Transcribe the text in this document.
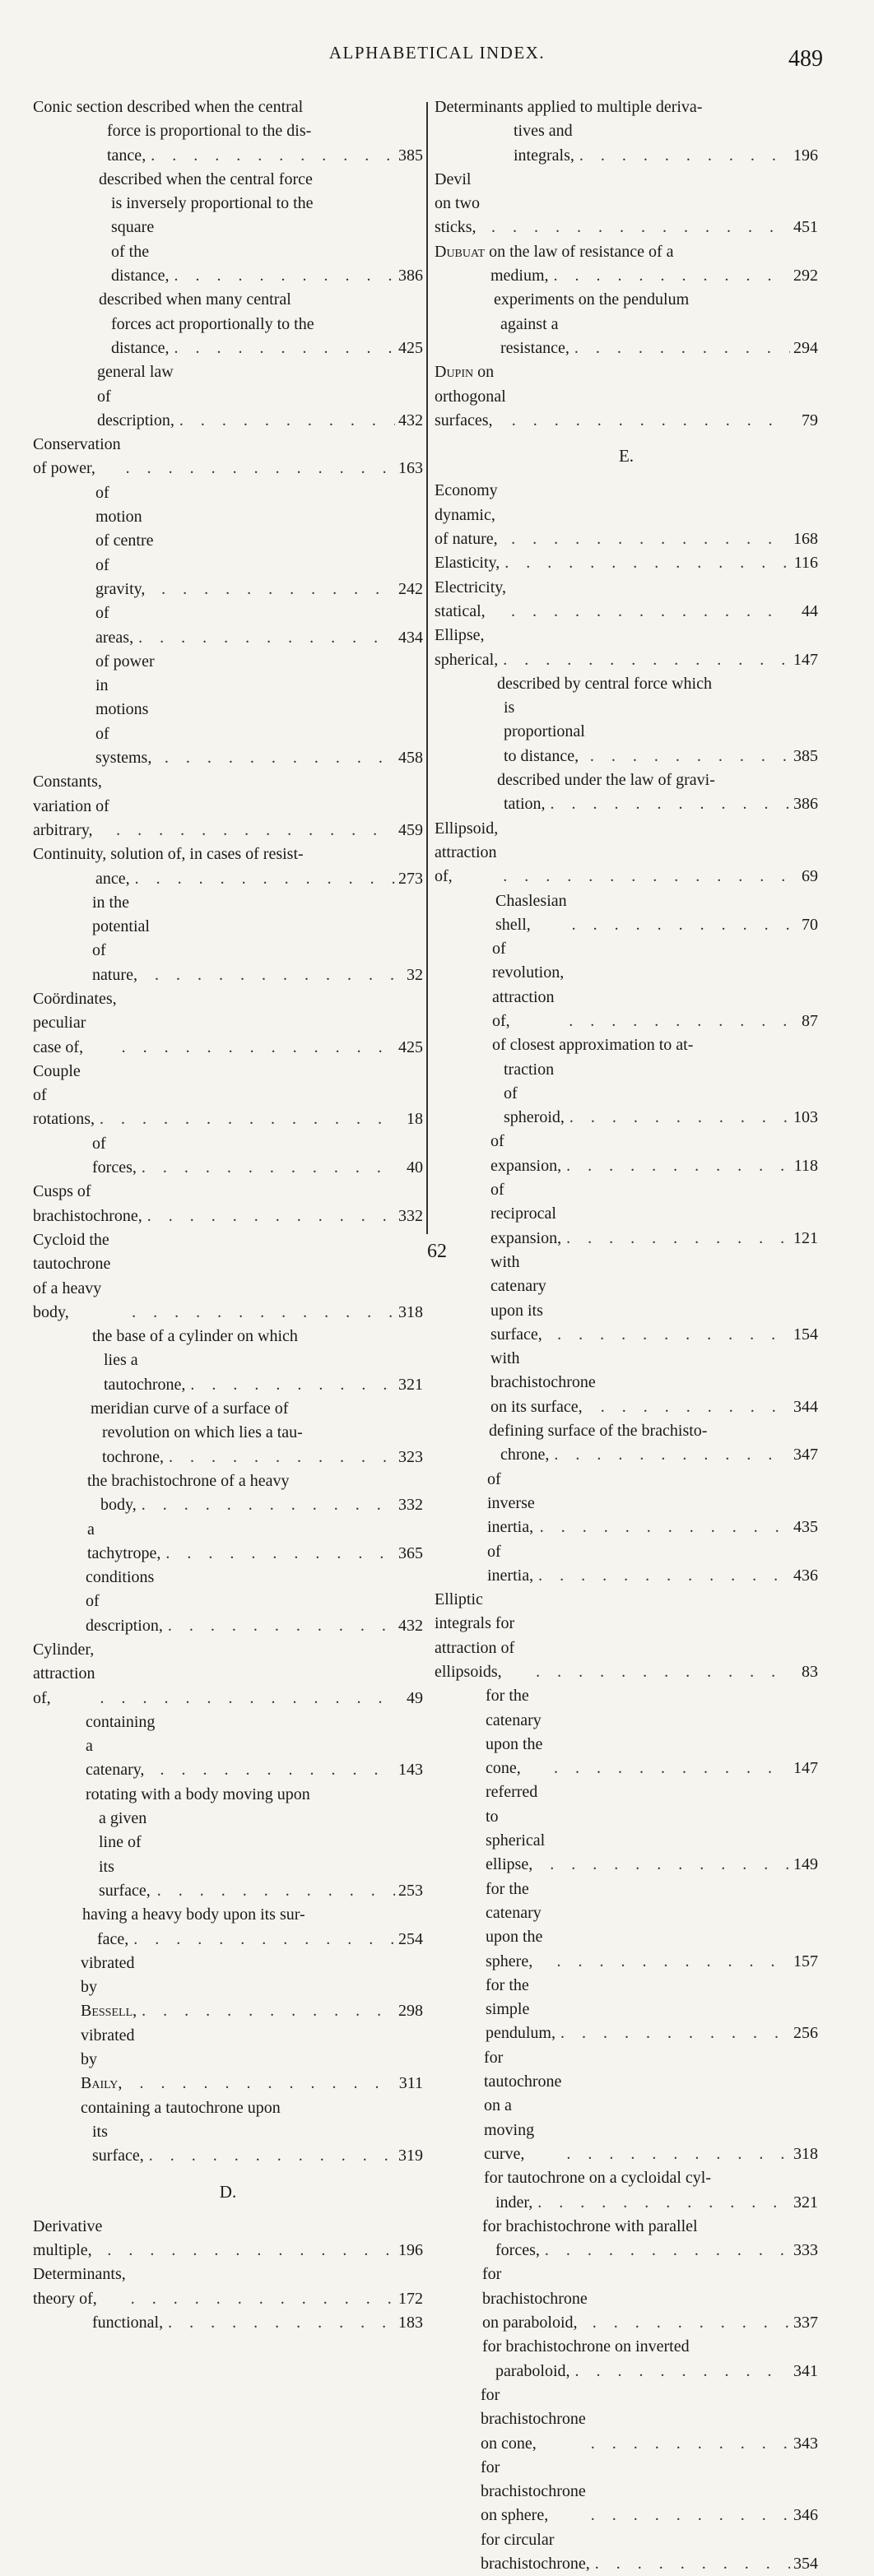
ALPHABETICAL INDEX.	489
Conic section described when the central
force is proportional to the dis-
tance, . . .	385
described when the central force
is inversely proportional to the
square of the distance, . . .	386
described when many central
forces act proportionally to the
distance, . . .	425
general law of description, . . .	432
Conservation of power, . . .	163
of motion of centre of gravity, . . .	242
of areas, . . .	434
of power in motions of systems, . . .	458
Constants, variation of arbitrary, . . .	459
Continuity, solution of, in cases of resist-
ance, . . .	273
in the potential of nature, . . .	32
Coördinates, peculiar case of, . . .	425
Couple of rotations, . . .	18
of forces, . . .	40
Cusps of brachistochrone, . . .	332
Cycloid the tautochrone of a heavy body, . . .	318
the base of a cylinder on which
lies a tautochrone, . . .	321
meridian curve of a surface of
revolution on which lies a tau-
tochrone, . . .	323
the brachistochrone of a heavy
body, . . .	332
a tachytrope, . . .	365
conditions of description, . . .	432
Cylinder, attraction of, . . .	49
containing a catenary, . . .	143
rotating with a body moving upon
a given line of its surface, . . .	253
having a heavy body upon its sur-
face, . . .	254
vibrated by Bessell, . . .	298
vibrated by Baily, . . .	311
containing a tautochrone upon
its surface, . . .	319
D.
Derivative multiple, . . .	196
Determinants, theory of, . . .	172
functional, . . .	183
Determinants applied to multiple deriva-
tives and integrals, . . .	196
Devil on two sticks, . . .	451
Dubuat on the law of resistance of a
medium, . . .	292
experiments on the pendulum
against a resistance, . . .	294
Dupin on orthogonal surfaces, . . .	79
E.
Economy dynamic, of nature, . . .	168
Elasticity, . . .	116
Electricity, statical, . . .	44
Ellipse, spherical, . . .	147
described by central force which
is proportional to distance, . . .	385
described under the law of gravi-
tation, . . .	386
Ellipsoid, attraction of, . . .	69
Chaslesian shell, . . .	70
of revolution, attraction of, . . .	87
of closest approximation to at-
traction of spheroid, . . .	103
of expansion, . . .	118
of reciprocal expansion, . . .	121
with catenary upon its surface, . . .	154
with brachistochrone on its surface, . . .	344
defining surface of the brachisto-
chrone, . . .	347
of inverse inertia, . . .	435
of inertia, . . .	436
Elliptic integrals for attraction of ellipsoids, . . .	83
for the catenary upon the cone, . . .	147
referred to spherical ellipse, . . .	149
for the catenary upon the sphere, . . .	157
for the simple pendulum, . . .	256
for tautochrone on a moving curve, . . .	318
for tautochrone on a cycloidal cyl-
inder, . . .	321
for brachistochrone with parallel
forces, . . .	333
for brachistochrone on paraboloid, . . .	337
for brachistochrone on inverted
paraboloid, . . .	341
for brachistochrone on cone, . . .	343
for brachistochrone on sphere, . . .	346
for circular brachistochrone, . . .	354
62
